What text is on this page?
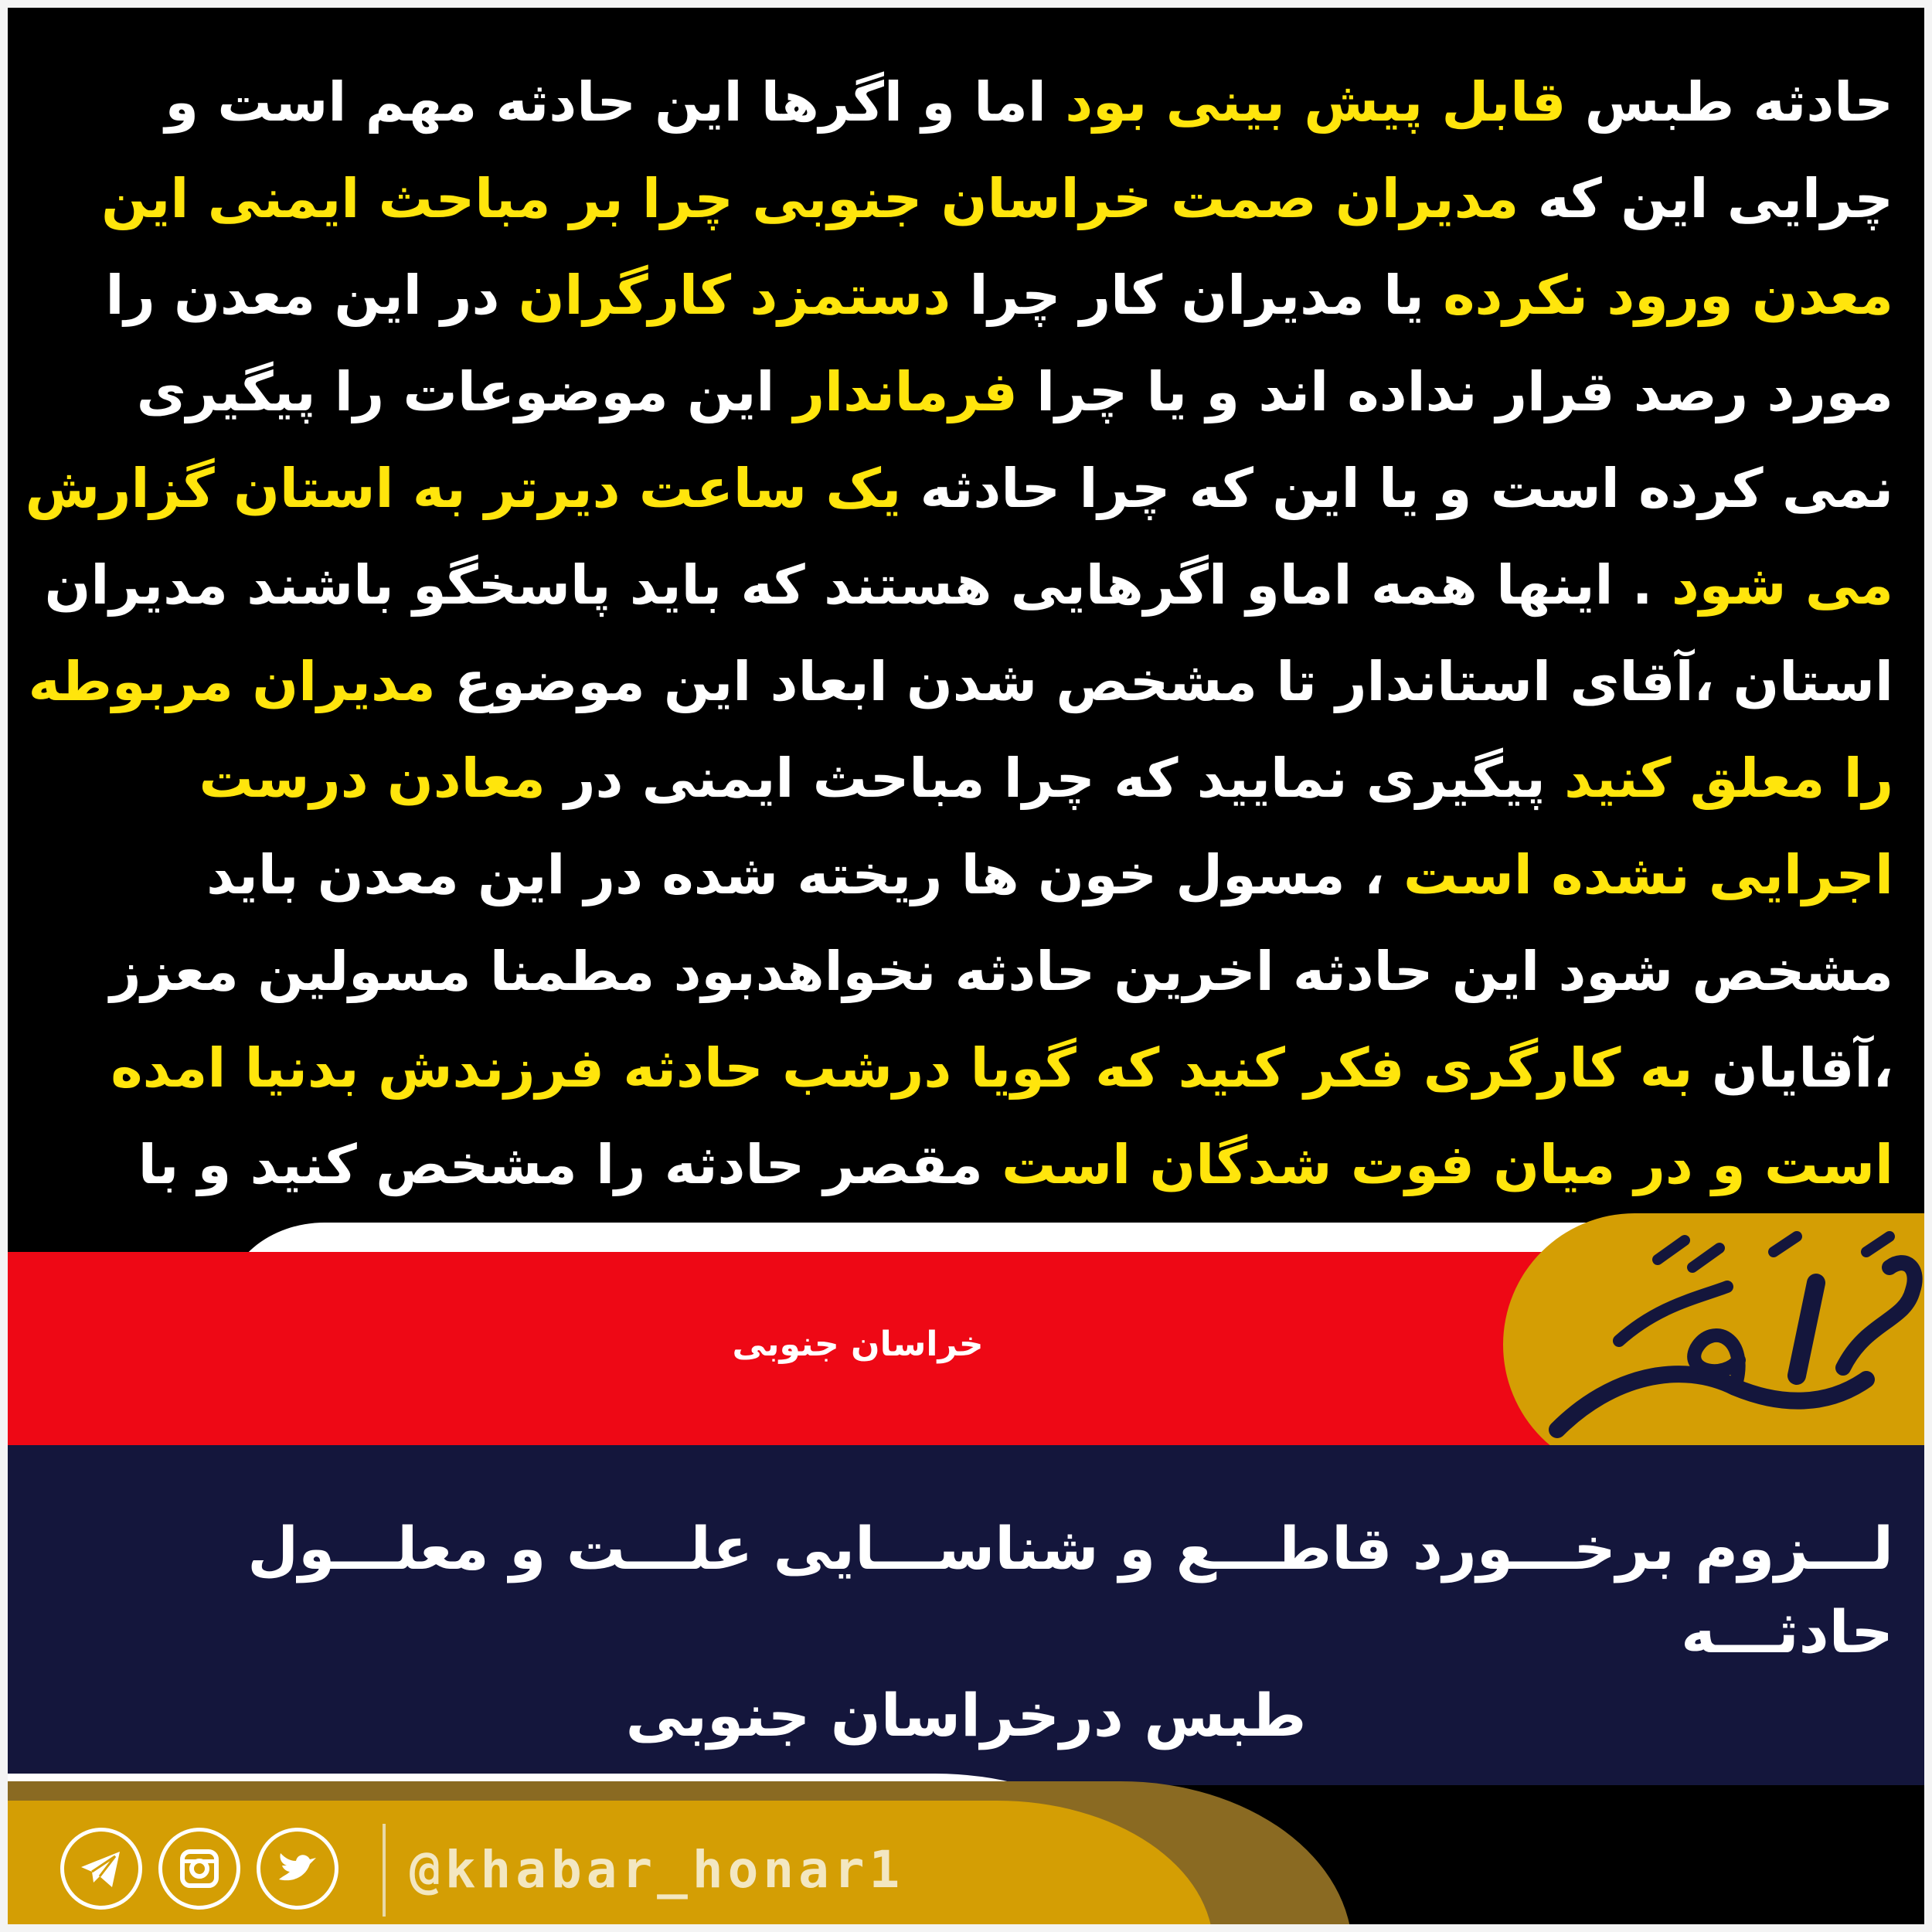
حادثه طبس قابل پیش بینی بود اما و اگرها این حادثه مهم است و چرایی این که مدیران صمت خراسان جنوبی چرا بر مباحث ایمنی این معدن ورود نکرده یا مدیران کار چرا دستمزد کارگران در این معدن را مورد رصد قرار نداده اند و یا چرا فرماندار این موضوعات را پیگیری نمی کرده است و یا این که چرا حادثه یک ساعت دیرتر به استان گزارش می شود . اینها همه اماو اگرهایی هستند که باید پاسخگو باشند مدیران استان ،آقای استاندار تا مشخص شدن ابعاد این موضوع مدیران مربوطه را معلق کنید پیگیری نمایید که چرا مباحث ایمنی در معادن درست اجرایی نشده است ، مسول خون ها ریخته شده در این معدن باید مشخص شود این حادثه اخرین حادثه نخواهدبود مطمنا مسولین معزز ،آقایان به کارگری فکر کنید که گویا درشب حادثه فرزندش بدنیا امده است و در میان فوت شدگان است مقصر حادثه را مشخص کنید و با

خراسان جنوبی
لـــزوم برخـــورد قاطـــع و شناســـایی علـــت و معلـــول حادثـــه
طبس درخراسان جنوبی
@khabar_honar1
